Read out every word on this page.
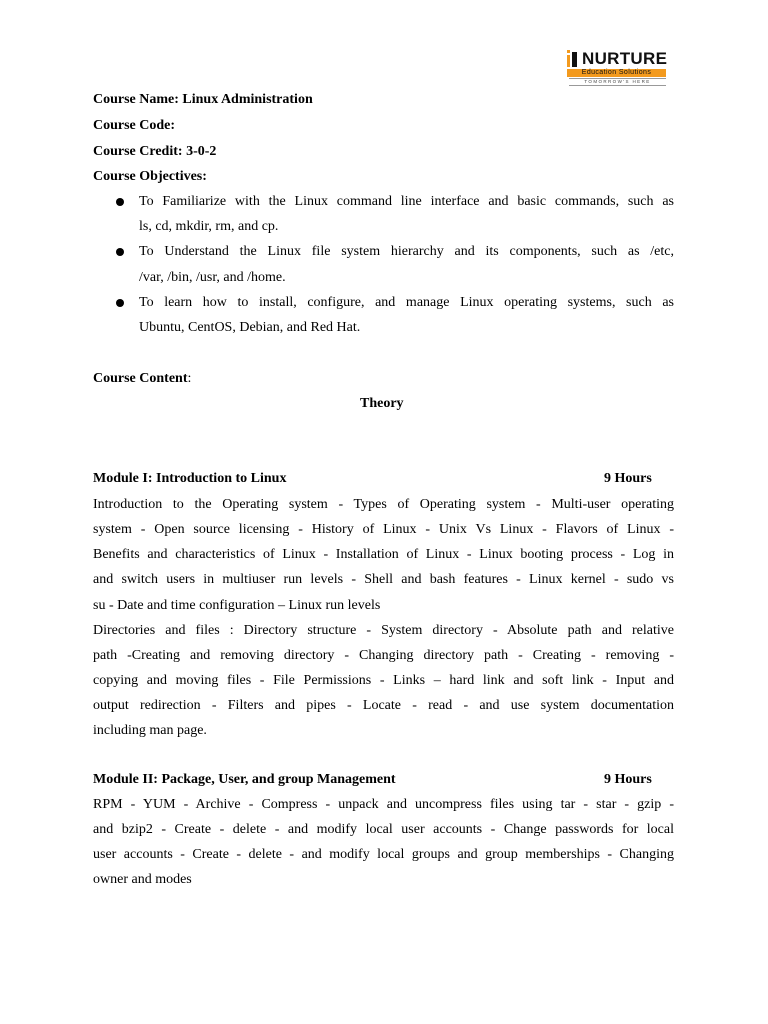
NURTURE
Education Solutions
TOMORROW'S HERE
Course Name: Linux Administration
Course Code:
Course Credit: 3-0-2
Course Objectives:
To Familiarize with the Linux command line interface and basic commands, such as
ls, cd, mkdir, rm, and cp.
To Understand the Linux file system hierarchy and its components, such as /etc,
/var, /bin, /usr, and /home.
To learn how to install, configure, and manage Linux operating systems, such as
Ubuntu, CentOS, Debian, and Red Hat.
Course Content:
Theory
Module I: Introduction to Linux	9 Hours
Introduction to the Operating system - Types of Operating system - Multi-user operating
system - Open source licensing - History of Linux - Unix Vs Linux - Flavors of Linux -
Benefits and characteristics of Linux - Installation of Linux - Linux booting process - Log in
and switch users in multiuser run levels - Shell and bash features - Linux kernel - sudo vs
su - Date and time configuration – Linux run levels
Directories and files : Directory structure - System directory - Absolute path and relative
path -Creating and removing directory - Changing directory path - Creating - removing -
copying and moving files - File Permissions - Links – hard link and soft link - Input and
output redirection - Filters and pipes - Locate - read - and use system documentation
including man page.
Module II: Package, User, and group Management	9 Hours
RPM - YUM - Archive - Compress - unpack and uncompress files using tar - star - gzip -
and bzip2 - Create - delete - and modify local user accounts - Change passwords for local
user accounts - Create - delete - and modify local groups and group memberships - Changing
owner and modes
